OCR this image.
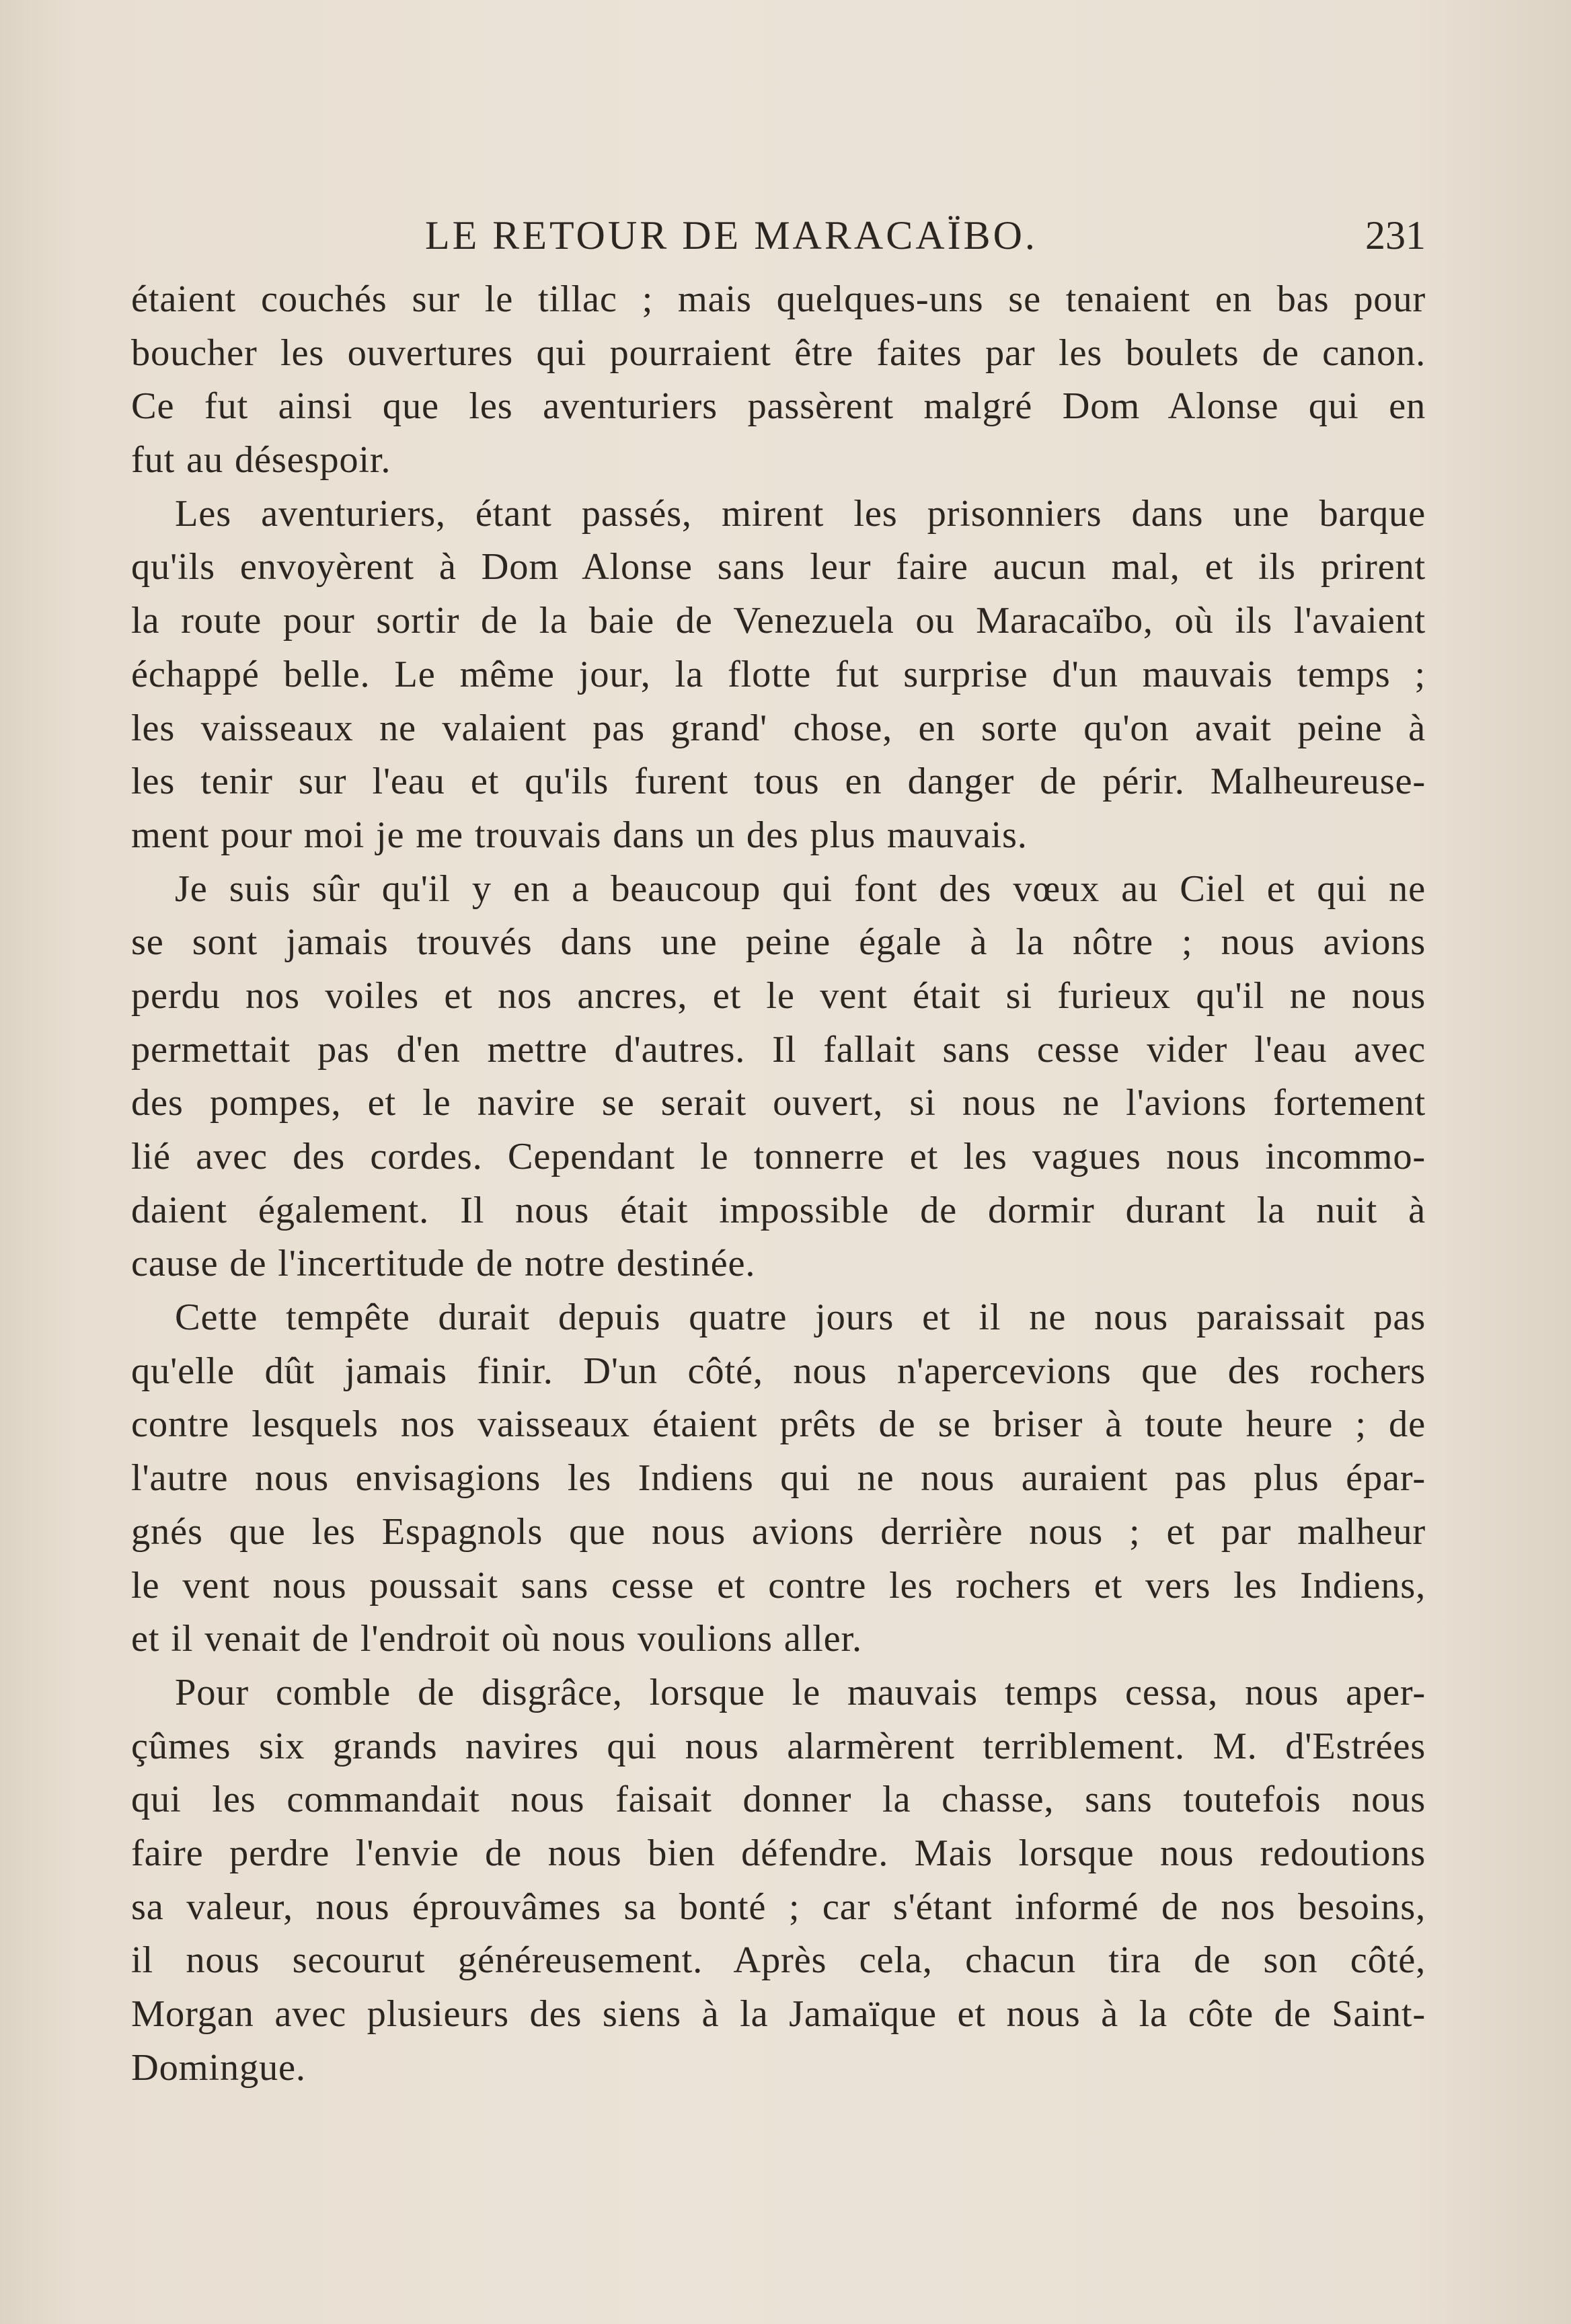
LE RETOUR DE MARACAÏBO.	231
étaient couchés sur le tillac ; mais quelques-uns se tenaient en bas pour
boucher les ouvertures qui pourraient être faites par les boulets de canon.
Ce fut ainsi que les aventuriers passèrent malgré Dom Alonse qui en
fut au désespoir.
Les aventuriers, étant passés, mirent les prisonniers dans une barque
qu'ils envoyèrent à Dom Alonse sans leur faire aucun mal, et ils prirent
la route pour sortir de la baie de Venezuela ou Maracaïbo, où ils l'avaient
échappé belle. Le même jour, la flotte fut surprise d'un mauvais temps ;
les vaisseaux ne valaient pas grand' chose, en sorte qu'on avait peine à
les tenir sur l'eau et qu'ils furent tous en danger de périr. Malheureuse-
ment pour moi je me trouvais dans un des plus mauvais.
Je suis sûr qu'il y en a beaucoup qui font des vœux au Ciel et qui ne
se sont jamais trouvés dans une peine égale à la nôtre ; nous avions
perdu nos voiles et nos ancres, et le vent était si furieux qu'il ne nous
permettait pas d'en mettre d'autres. Il fallait sans cesse vider l'eau avec
des pompes, et le navire se serait ouvert, si nous ne l'avions fortement
lié avec des cordes. Cependant le tonnerre et les vagues nous incommo-
daient également. Il nous était impossible de dormir durant la nuit à
cause de l'incertitude de notre destinée.
Cette tempête durait depuis quatre jours et il ne nous paraissait pas
qu'elle dût jamais finir. D'un côté, nous n'apercevions que des rochers
contre lesquels nos vaisseaux étaient prêts de se briser à toute heure ; de
l'autre nous envisagions les Indiens qui ne nous auraient pas plus épar-
gnés que les Espagnols que nous avions derrière nous ; et par malheur
le vent nous poussait sans cesse et contre les rochers et vers les Indiens,
et il venait de l'endroit où nous voulions aller.
Pour comble de disgrâce, lorsque le mauvais temps cessa, nous aper-
çûmes six grands navires qui nous alarmèrent terriblement. M. d'Estrées
qui les commandait nous faisait donner la chasse, sans toutefois nous
faire perdre l'envie de nous bien défendre. Mais lorsque nous redoutions
sa valeur, nous éprouvâmes sa bonté ; car s'étant informé de nos besoins,
il nous secourut généreusement. Après cela, chacun tira de son côté,
Morgan avec plusieurs des siens à la Jamaïque et nous à la côte de Saint-
Domingue.
